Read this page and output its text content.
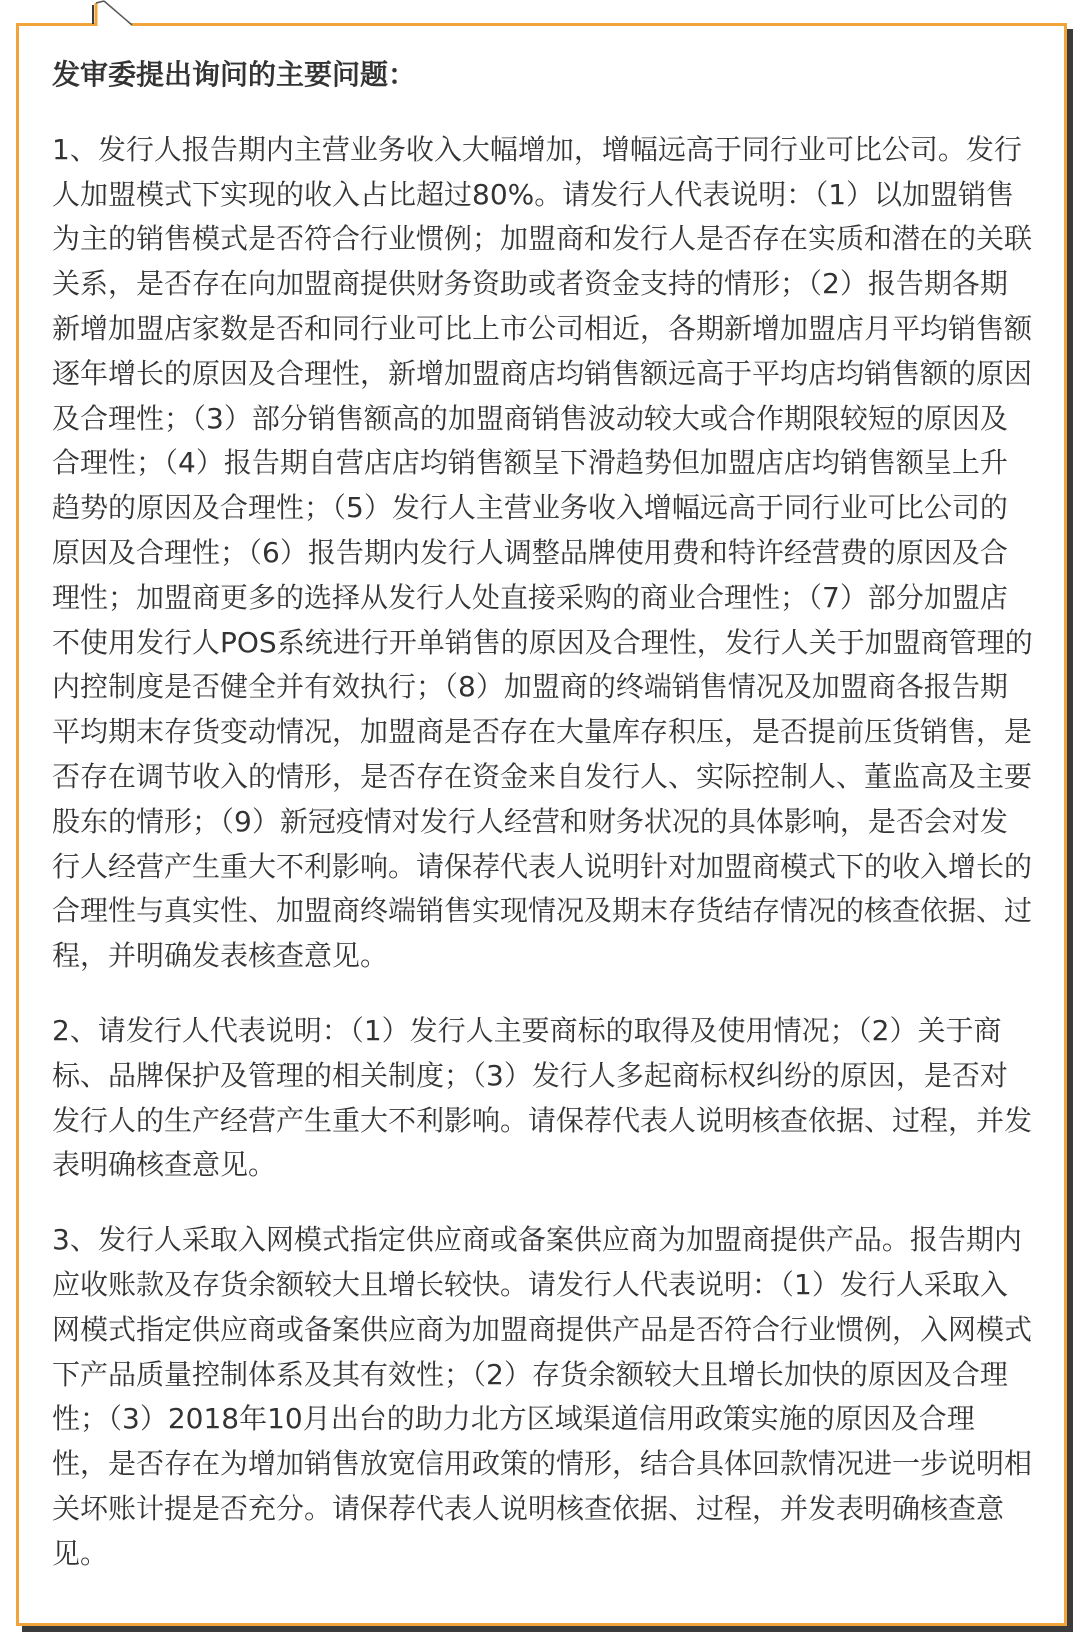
发审委提出询问的主要问题：
1、发行人报告期内主营业务收入大幅增加，增幅远高于同行业可比公司。发行
人加盟模式下实现的收入占比超过80%。请发行人代表说明：（1）以加盟销售
为主的销售模式是否符合行业惯例；加盟商和发行人是否存在实质和潜在的关联
关系，是否存在向加盟商提供财务资助或者资金支持的情形；（2）报告期各期
新增加盟店家数是否和同行业可比上市公司相近，各期新增加盟店月平均销售额
逐年增长的原因及合理性，新增加盟商店均销售额远高于平均店均销售额的原因
及合理性；（3）部分销售额高的加盟商销售波动较大或合作期限较短的原因及
合理性；（4）报告期自营店店均销售额呈下滑趋势但加盟店店均销售额呈上升
趋势的原因及合理性；（5）发行人主营业务收入增幅远高于同行业可比公司的
原因及合理性；（6）报告期内发行人调整品牌使用费和特许经营费的原因及合
理性；加盟商更多的选择从发行人处直接采购的商业合理性；（7）部分加盟店
不使用发行人POS系统进行开单销售的原因及合理性，发行人关于加盟商管理的
内控制度是否健全并有效执行；（8）加盟商的终端销售情况及加盟商各报告期
平均期末存货变动情况，加盟商是否存在大量库存积压，是否提前压货销售，是
否存在调节收入的情形，是否存在资金来自发行人、实际控制人、董监高及主要
股东的情形；（9）新冠疫情对发行人经营和财务状况的具体影响，是否会对发
行人经营产生重大不利影响。请保荐代表人说明针对加盟商模式下的收入增长的
合理性与真实性、加盟商终端销售实现情况及期末存货结存情况的核查依据、过
程，并明确发表核查意见。
2、请发行人代表说明：（1）发行人主要商标的取得及使用情况；（2）关于商
标、品牌保护及管理的相关制度；（3）发行人多起商标权纠纷的原因，是否对
发行人的生产经营产生重大不利影响。请保荐代表人说明核查依据、过程，并发
表明确核查意见。
3、发行人采取入网模式指定供应商或备案供应商为加盟商提供产品。报告期内
应收账款及存货余额较大且增长较快。请发行人代表说明：（1）发行人采取入
网模式指定供应商或备案供应商为加盟商提供产品是否符合行业惯例，入网模式
下产品质量控制体系及其有效性；（2）存货余额较大且增长加快的原因及合理
性；（3）2018年10月出台的助力北方区域渠道信用政策实施的原因及合理
性，是否存在为增加销售放宽信用政策的情形，结合具体回款情况进一步说明相
关坏账计提是否充分。请保荐代表人说明核查依据、过程，并发表明确核查意
见。
